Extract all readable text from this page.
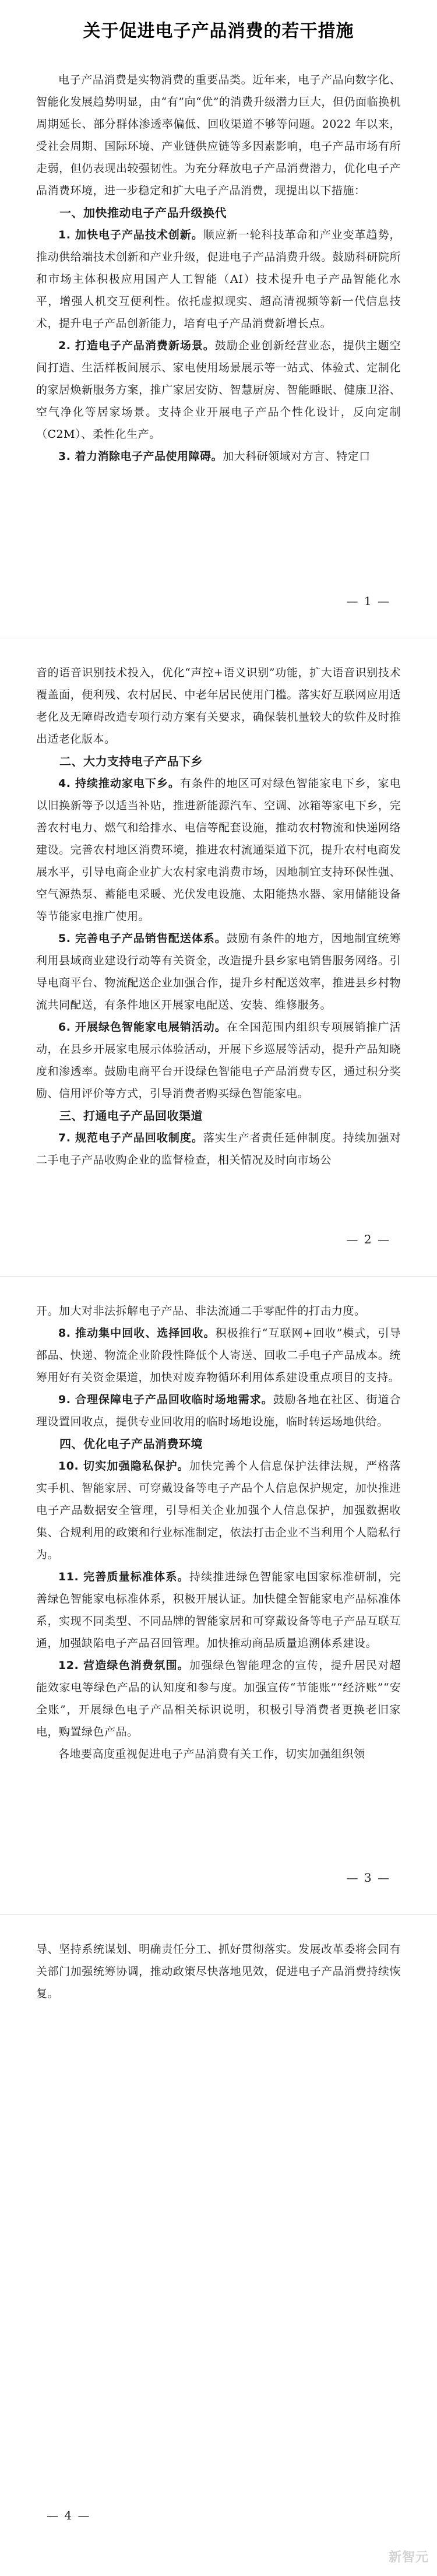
关于促进电子产品消费的若干措施

电子产品消费是实物消费的重要品类。近年来，电子产品向数字化、智能化发展趋势明显，由“有”向“优”的消费升级潜力巨大，但仍面临换机周期延长、部分群体渗透率偏低、回收渠道不够等问题。2022 年以来，受社会周期、国际环境、产业链供应链等多因素影响，电子产品市场有所走弱，但仍表现出较强韧性。为充分释放电子产品消费潜力，优化电子产品消费环境，进一步稳定和扩大电子产品消费，现提出以下措施：

一、加快推动电子产品升级换代

1. 加快电子产品技术创新。顺应新一轮科技革命和产业变革趋势，推动供给端技术创新和产业升级，促进电子产品消费升级。鼓励科研院所和市场主体积极应用国产人工智能（AI）技术提升电子产品智能化水平，增强人机交互便利性。依托虚拟现实、超高清视频等新一代信息技术，提升电子产品创新能力，培育电子产品消费新增长点。

2. 打造电子产品消费新场景。鼓励企业创新经营业态，提供主题空间打造、生活样板间展示、家电使用场景展示等一站式、体验式、定制化的家居焕新服务方案，推广家居安防、智慧厨房、智能睡眠、健康卫浴、空气净化等居家场景。支持企业开展电子产品个性化设计，反向定制（C2M）、柔性化生产。

3. 着力消除电子产品使用障碍。加大科研领域对方言、特定口

— 1 —

音的语音识别技术投入，优化“声控+语义识别”功能，扩大语音识别技术覆盖面，便利残、农村居民、中老年居民使用门槛。落实好互联网应用适老化及无障碍改造专项行动方案有关要求，确保装机量较大的软件及时推出适老化版本。

二、大力支持电子产品下乡

4. 持续推动家电下乡。有条件的地区可对绿色智能家电下乡，家电以旧换新等予以适当补贴，推进新能源汽车、空调、冰箱等家电下乡，完善农村电力、燃气和给排水、电信等配套设施，推动农村物流和快递网络建设。完善农村地区消费环境，推进农村流通渠道下沉，提升农村电商发展水平，引导电商企业扩大农村家电消费市场，因地制宜支持环保性强、空气源热泵、蓄能电采暖、光伏发电设施、太阳能热水器、家用储能设备等节能家电推广使用。

5. 完善电子产品销售配送体系。鼓励有条件的地方，因地制宜统筹利用县域商业建设行动等有关资金，改造提升县乡家电销售服务网络。引导电商平台、物流配送企业加强合作，提升乡村配送效率，推进县乡村物流共同配送，有条件地区开展家电配送、安装、维修服务。

6. 开展绿色智能家电展销活动。在全国范围内组织专项展销推广活动，在县乡开展家电展示体验活动，开展下乡巡展等活动，提升产品知晓度和渗透率。鼓励电商平台开设绿色智能电子产品消费专区，通过积分奖励、信用评价等方式，引导消费者购买绿色智能家电。

三、打通电子产品回收渠道

7. 规范电子产品回收制度。落实生产者责任延伸制度。持续加强对二手电子产品收购企业的监督检查，相关情况及时向市场公

— 2 —

开。加大对非法拆解电子产品、非法流通二手零配件的打击力度。

8. 推动集中回收、选择回收。积极推行“互联网+回收”模式，引导部品、快递、物流企业阶段性降低个人寄送、回收二手电子产品成本。统筹用好有关资金渠道，加快对废弃物循环利用体系建设重点项目的支持。

9. 合理保障电子产品回收临时场地需求。鼓励各地在社区、街道合理设置回收点，提供专业回收用的临时场地设施，临时转运场地供给。

四、优化电子产品消费环境

10. 切实加强隐私保护。加快完善个人信息保护法律法规，严格落实手机、智能家居、可穿戴设备等电子产品个人信息保护规定，加快推进电子产品数据安全管理，引导相关企业加强个人信息保护，加强数据收集、合规利用的政策和行业标准制定，依法打击企业不当利用个人隐私行为。

11. 完善质量标准体系。持续推进绿色智能家电国家标准研制，完善绿色智能家电标准体系，积极开展认证。加快健全智能家电产品标准体系，实现不同类型、不同品牌的智能家居和可穿戴设备等电子产品互联互通，加强缺陷电子产品召回管理。加快推动商品质量追溯体系建设。

12. 营造绿色消费氛围。加强绿色智能理念的宣传，提升居民对超能效家电等绿色产品的认知度和参与度。加强宣传“节能账”“经济账”“安全账”，开展绿色电子产品相关标识说明，积极引导消费者更换老旧家电，购置绿色产品。

各地要高度重视促进电子产品消费有关工作，切实加强组织领

— 3 —

导、坚持系统谋划、明确责任分工、抓好贯彻落实。发展改革委将会同有关部门加强统筹协调，推动政策尽快落地见效，促进电子产品消费持续恢复。

— 4 —
新智元
